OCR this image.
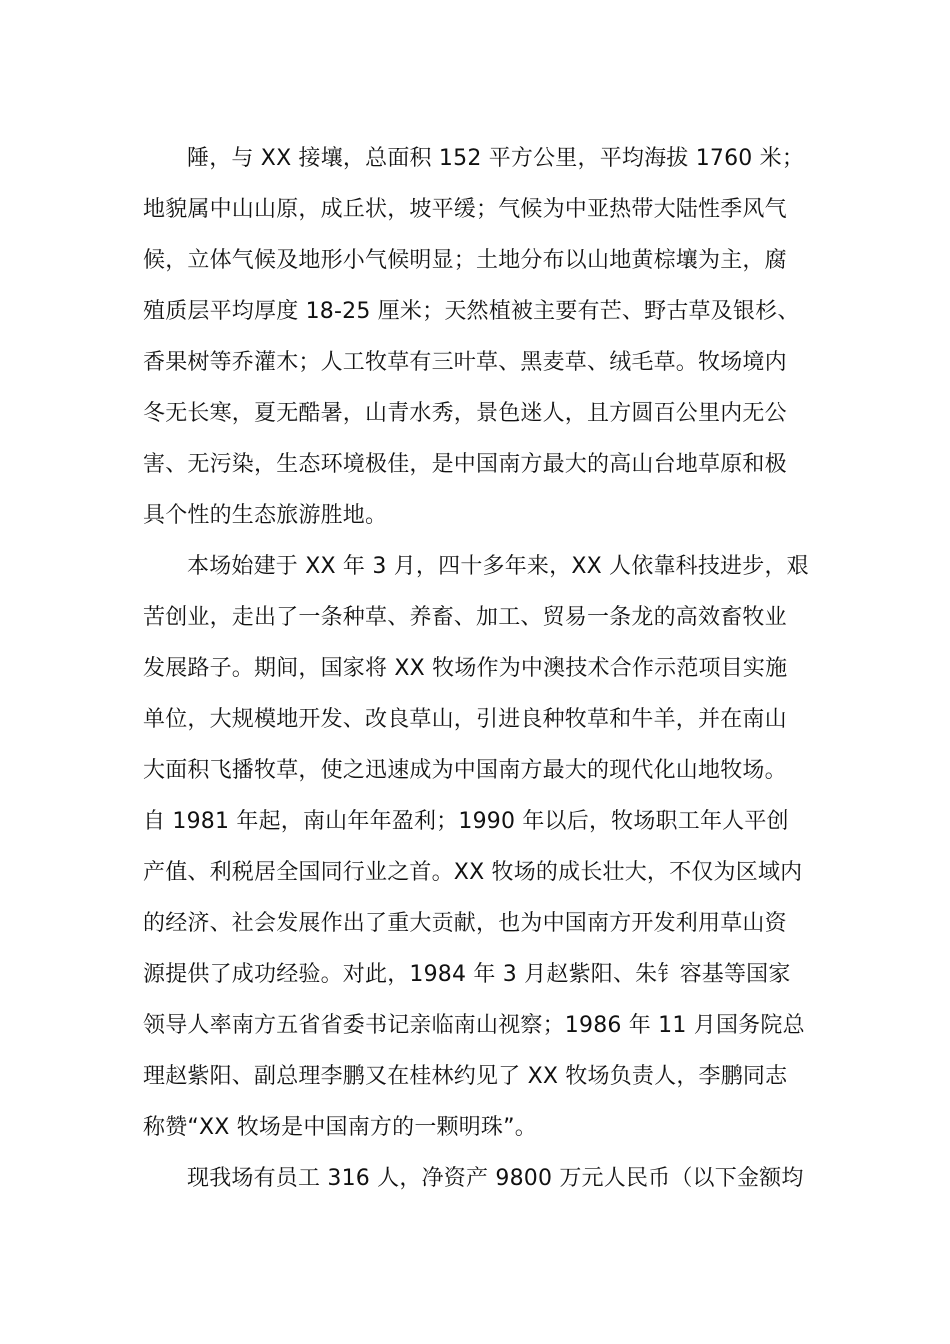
陲，与 XX 接壤，总面积 152 平方公里，平均海拔 1760 米；
地貌属中山山原，成丘状，坡平缓；气候为中亚热带大陆性季风气
候，立体气候及地形小气候明显；土地分布以山地黄棕壤为主，腐
殖质层平均厚度 18-25 厘米；天然植被主要有芒、野古草及银杉、
香果树等乔灌木；人工牧草有三叶草、黑麦草、绒毛草。牧场境内
冬无长寒，夏无酷暑，山青水秀，景色迷人，且方圆百公里内无公
害、无污染，生态环境极佳，是中国南方最大的高山台地草原和极
具个性的生态旅游胜地。

本场始建于 XX 年 3 月，四十多年来，XX 人依靠科技进步，艰
苦创业，走出了一条种草、养畜、加工、贸易一条龙的高效畜牧业
发展路子。期间，国家将 XX 牧场作为中澳技术合作示范项目实施
单位，大规模地开发、改良草山，引进良种牧草和牛羊，并在南山
大面积飞播牧草，使之迅速成为中国南方最大的现代化山地牧场。
自 1981 年起，南山年年盈利；1990 年以后，牧场职工年人平创
产值、利税居全国同行业之首。XX 牧场的成长壮大，不仅为区域内
的经济、社会发展作出了重大贡献，也为中国南方开发利用草山资
源提供了成功经验。对此，1984 年 3 月赵紫阳、朱钅容基等国家
领导人率南方五省省委书记亲临南山视察；1986 年 11 月国务院总
理赵紫阳、副总理李鹏又在桂林约见了 XX 牧场负责人，李鹏同志
称赞“XX 牧场是中国南方的一颗明珠”。

现我场有员工 316 人，净资产 9800 万元人民币（以下金额均
